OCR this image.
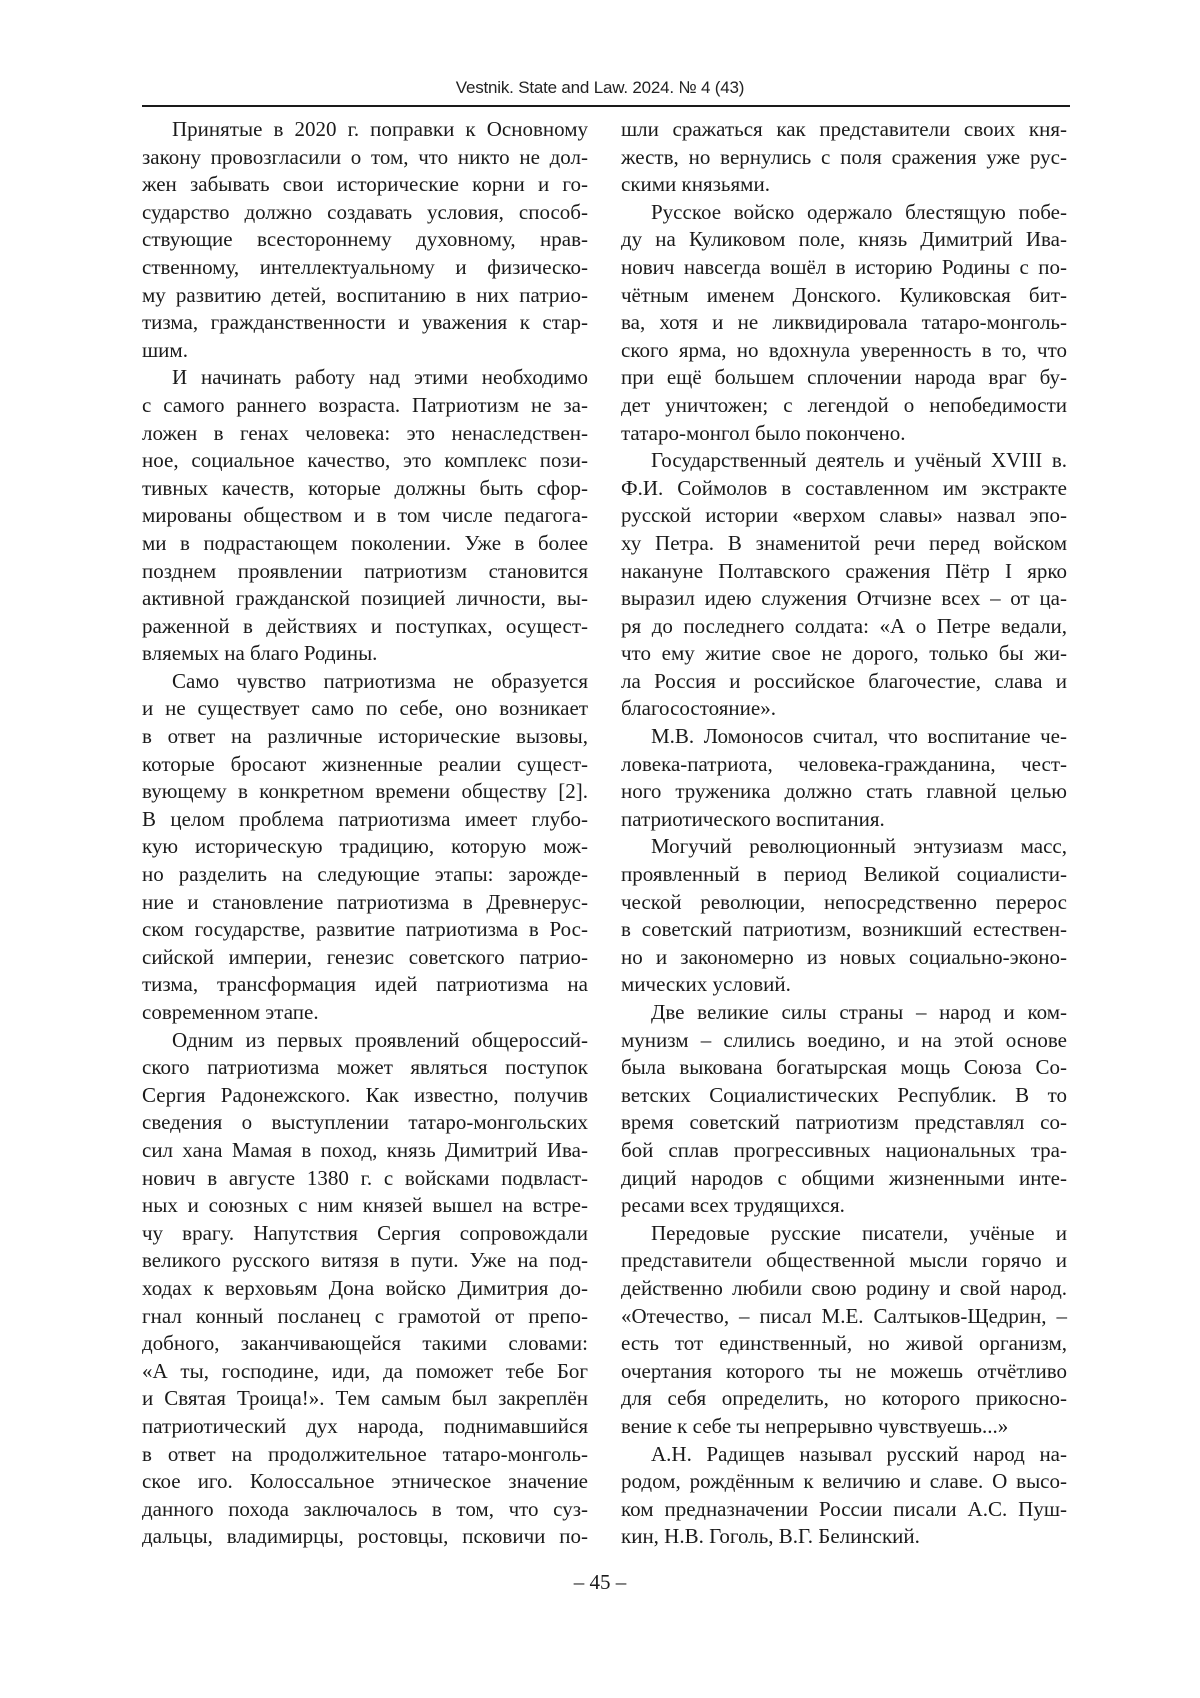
Vestnik. State and Law. 2024. № 4 (43)
Принятые в 2020 г. поправки к Основному
закону провозгласили о том, что никто не дол-
жен забывать свои исторические корни и го-
сударство должно создавать условия, способ-
ствующие всестороннему духовному, нрав-
ственному, интеллектуальному и физическо-
му развитию детей, воспитанию в них патрио-
тизма, гражданственности и уважения к стар-
шим.
И начинать работу над этими необходимо
с самого раннего возраста. Патриотизм не за-
ложен в генах человека: это ненаследствен-
ное, социальное качество, это комплекс пози-
тивных качеств, которые должны быть сфор-
мированы обществом и в том числе педагога-
ми в подрастающем поколении. Уже в более
позднем проявлении патриотизм становится
активной гражданской позицией личности, вы-
раженной в действиях и поступках, осущест-
вляемых на благо Родины.
Само чувство патриотизма не образуется
и не существует само по себе, оно возникает
в ответ на различные исторические вызовы,
которые бросают жизненные реалии сущест-
вующему в конкретном времени обществу [2].
В целом проблема патриотизма имеет глубо-
кую историческую традицию, которую мож-
но разделить на следующие этапы: зарожде-
ние и становление патриотизма в Древнерус-
ском государстве, развитие патриотизма в Рос-
сийской империи, генезис советского патрио-
тизма, трансформация идей патриотизма на
современном этапе.
Одним из первых проявлений общероссий-
ского патриотизма может являться поступок
Сергия Радонежского. Как известно, получив
сведения о выступлении татаро-монгольских
сил хана Мамая в поход, князь Димитрий Ива-
нович в августе 1380 г. с войсками подвласт-
ных и союзных с ним князей вышел на встре-
чу врагу. Напутствия Сергия сопровождали
великого русского витязя в пути. Уже на под-
ходах к верховьям Дона войско Димитрия до-
гнал конный посланец с грамотой от препо-
добного, заканчивающейся такими словами:
«А ты, господине, иди, да поможет тебе Бог
и Святая Троица!». Тем самым был закреплён
патриотический дух народа, поднимавшийся
в ответ на продолжительное татаро-монголь-
ское иго. Колоссальное этническое значение
данного похода заключалось в том, что суз-
дальцы, владимирцы, ростовцы, псковичи по-
шли сражаться как представители своих кня-
жеств, но вернулись с поля сражения уже рус-
скими князьями.
Русское войско одержало блестящую побе-
ду на Куликовом поле, князь Димитрий Ива-
нович навсегда вошёл в историю Родины с по-
чётным именем Донского. Куликовская бит-
ва, хотя и не ликвидировала татаро-монголь-
ского ярма, но вдохнула уверенность в то, что
при ещё большем сплочении народа враг бу-
дет уничтожен; с легендой о непобедимости
татаро-монгол было покончено.
Государственный деятель и учёный XVIII в.
Ф.И. Соймолов в составленном им экстракте
русской истории «верхом славы» назвал эпо-
ху Петра. В знаменитой речи перед войском
накануне Полтавского сражения Пётр I ярко
выразил идею служения Отчизне всех – от ца-
ря до последнего солдата: «А о Петре ведали,
что ему житие свое не дорого, только бы жи-
ла Россия и российское благочестие, слава и
благосостояние».
М.В. Ломоносов считал, что воспитание че-
ловека-патриота, человека-гражданина, чест-
ного труженика должно стать главной целью
патриотического воспитания.
Могучий революционный энтузиазм масс,
проявленный в период Великой социалисти-
ческой революции, непосредственно перерос
в советский патриотизм, возникший естествен-
но и закономерно из новых социально-эконо-
мических условий.
Две великие силы страны – народ и ком-
мунизм – слились воедино, и на этой основе
была выкована богатырская мощь Союза Со-
ветских Социалистических Республик. В то
время советский патриотизм представлял со-
бой сплав прогрессивных национальных тра-
диций народов с общими жизненными инте-
ресами всех трудящихся.
Передовые русские писатели, учёные и
представители общественной мысли горячо и
действенно любили свою родину и свой народ.
«Отечество, – писал М.Е. Салтыков-Щедрин, –
есть тот единственный, но живой организм,
очертания которого ты не можешь отчётливо
для себя определить, но которого прикосно-
вение к себе ты непрерывно чувствуешь...»
А.Н. Радищев называл русский народ на-
родом, рождённым к величию и славе. О высо-
ком предназначении России писали А.С. Пуш-
кин, Н.В. Гоголь, В.Г. Белинский.
– 45 –
